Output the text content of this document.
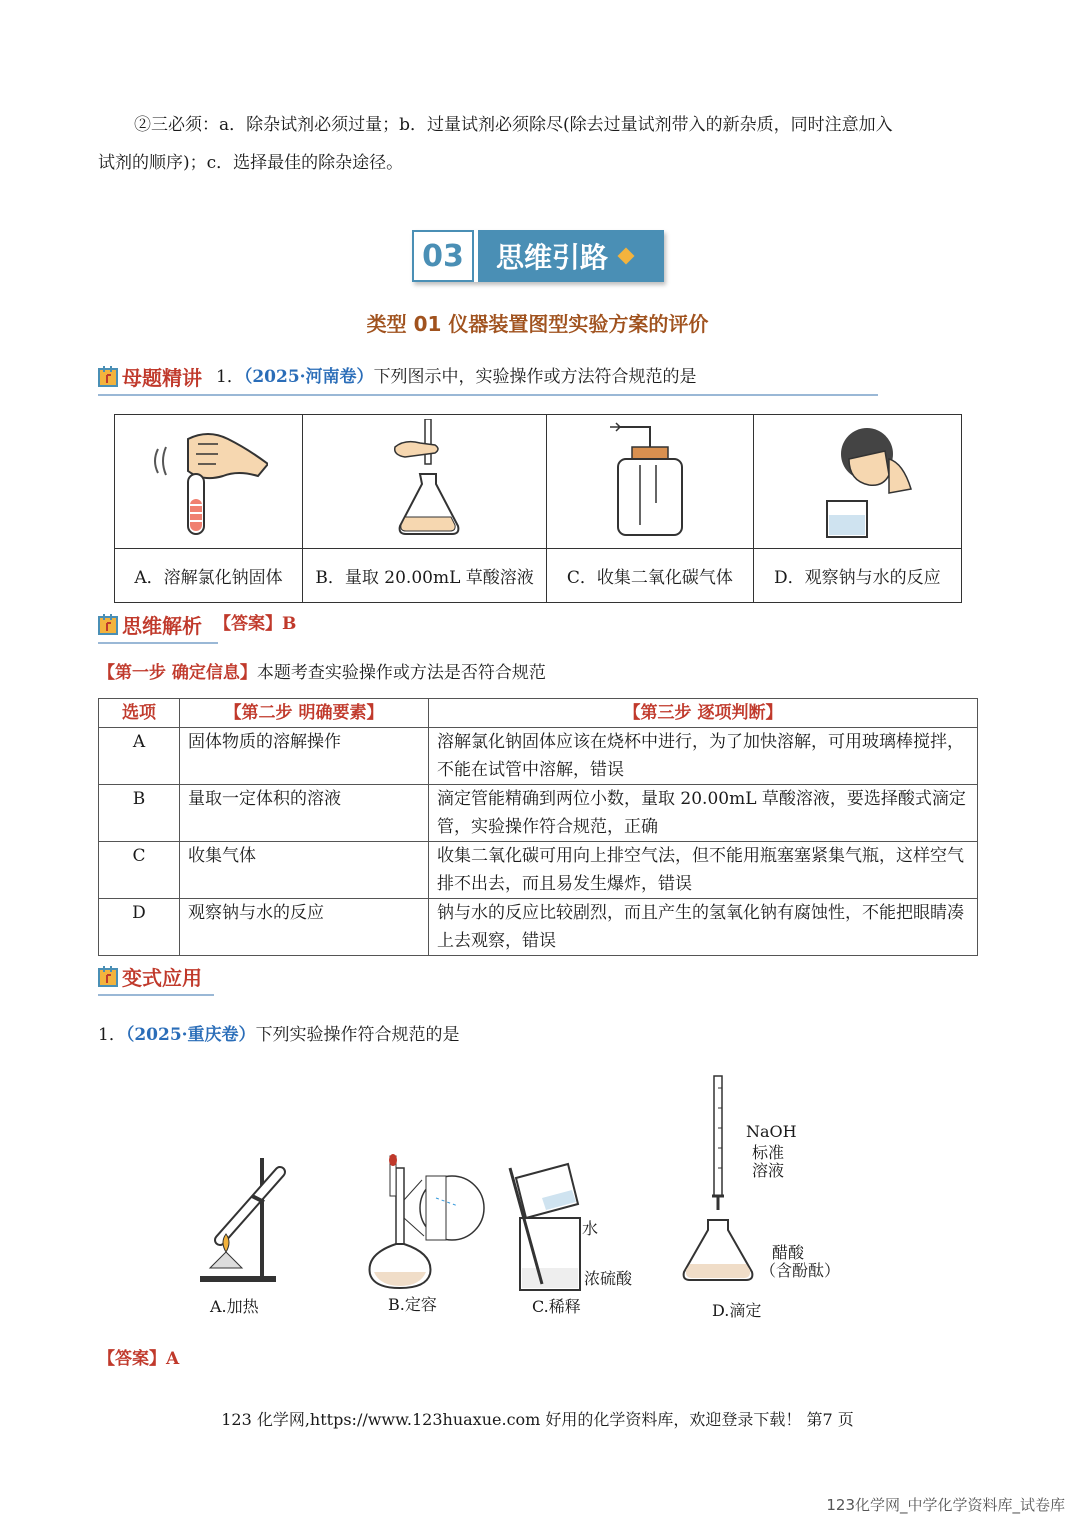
②三必须：a．除杂试剂必须过量；b．过量试剂必须除尽(除去过量试剂带入的新杂质，同时注意加入
试剂的顺序)；c．选择最佳的除杂途径。
03	思维引路
类型 01 仪器装置图型实验方案的评价
母题精讲 1．（2025·河南卷）下列图示中，实验操作或方法符合规范的是

A．溶解氯化钠固体	B．量取 20.00mL 草酸溶液	C．收集二氧化碳气体	D．观察钠与水的反应
思维解析 【答案】B
【第一步 确定信息】本题考查实验操作或方法是否符合规范
选项	【第二步 明确要素】	【第三步 逐项判断】
A	固体物质的溶解操作	溶解氯化钠固体应该在烧杯中进行，为了加快溶解，可用玻璃棒搅拌，不能在试管中溶解，错误
B	量取一定体积的溶液	滴定管能精确到两位小数，量取 20.00mL 草酸溶液，要选择酸式滴定管，实验操作符合规范，正确
C	收集气体	收集二氧化碳可用向上排空气法，但不能用瓶塞塞紧集气瓶，这样空气排不出去，而且易发生爆炸，错误
D	观察钠与水的反应	钠与水的反应比较剧烈，而且产生的氢氧化钠有腐蚀性，不能把眼睛凑上去观察，错误
变式应用
1．（2025·重庆卷）下列实验操作符合规范的是
水
浓硫酸
NaOH
标准
溶液
醋酸
（含酚酞）
A.加热	B.定容	C.稀释	D.滴定
【答案】A
123 化学网,https://www.123huaxue.com 好用的化学资料库，欢迎登录下载！ 第7 页
123化学网_中学化学资料库_试卷库
